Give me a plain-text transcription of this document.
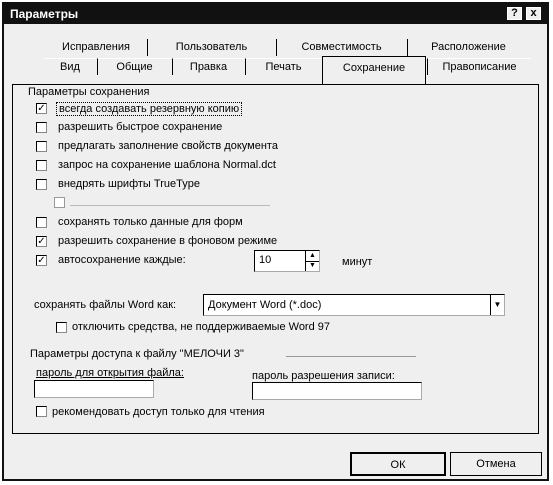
Параметры	?	x
Исправления	Пользователь	Совместимость	Расположение
Вид	Общие	Правка	Печать	Сохранение	Правописание
Параметры сохранения
✓ всегда создавать резервную копию
разрешить быстрое сохранение
предлагать заполнение свойств документа
запрос на сохранение шаблона Normal.dct
внедрять шрифты TrueType
сохранять только данные для форм
✓ разрешить сохранение в фоновом режиме
✓ автосохранение каждые:	10	▲
▼ минут
сохранять файлы Word как:	Документ Word (*.doc)	▼
отключить средства, не поддерживаемые Word 97
Параметры доступа к файлу "МЕЛОЧИ 3"
пароль для открытия файла:	пароль разрешения записи:
рекомендовать доступ только для чтения
ОК	Отмена
